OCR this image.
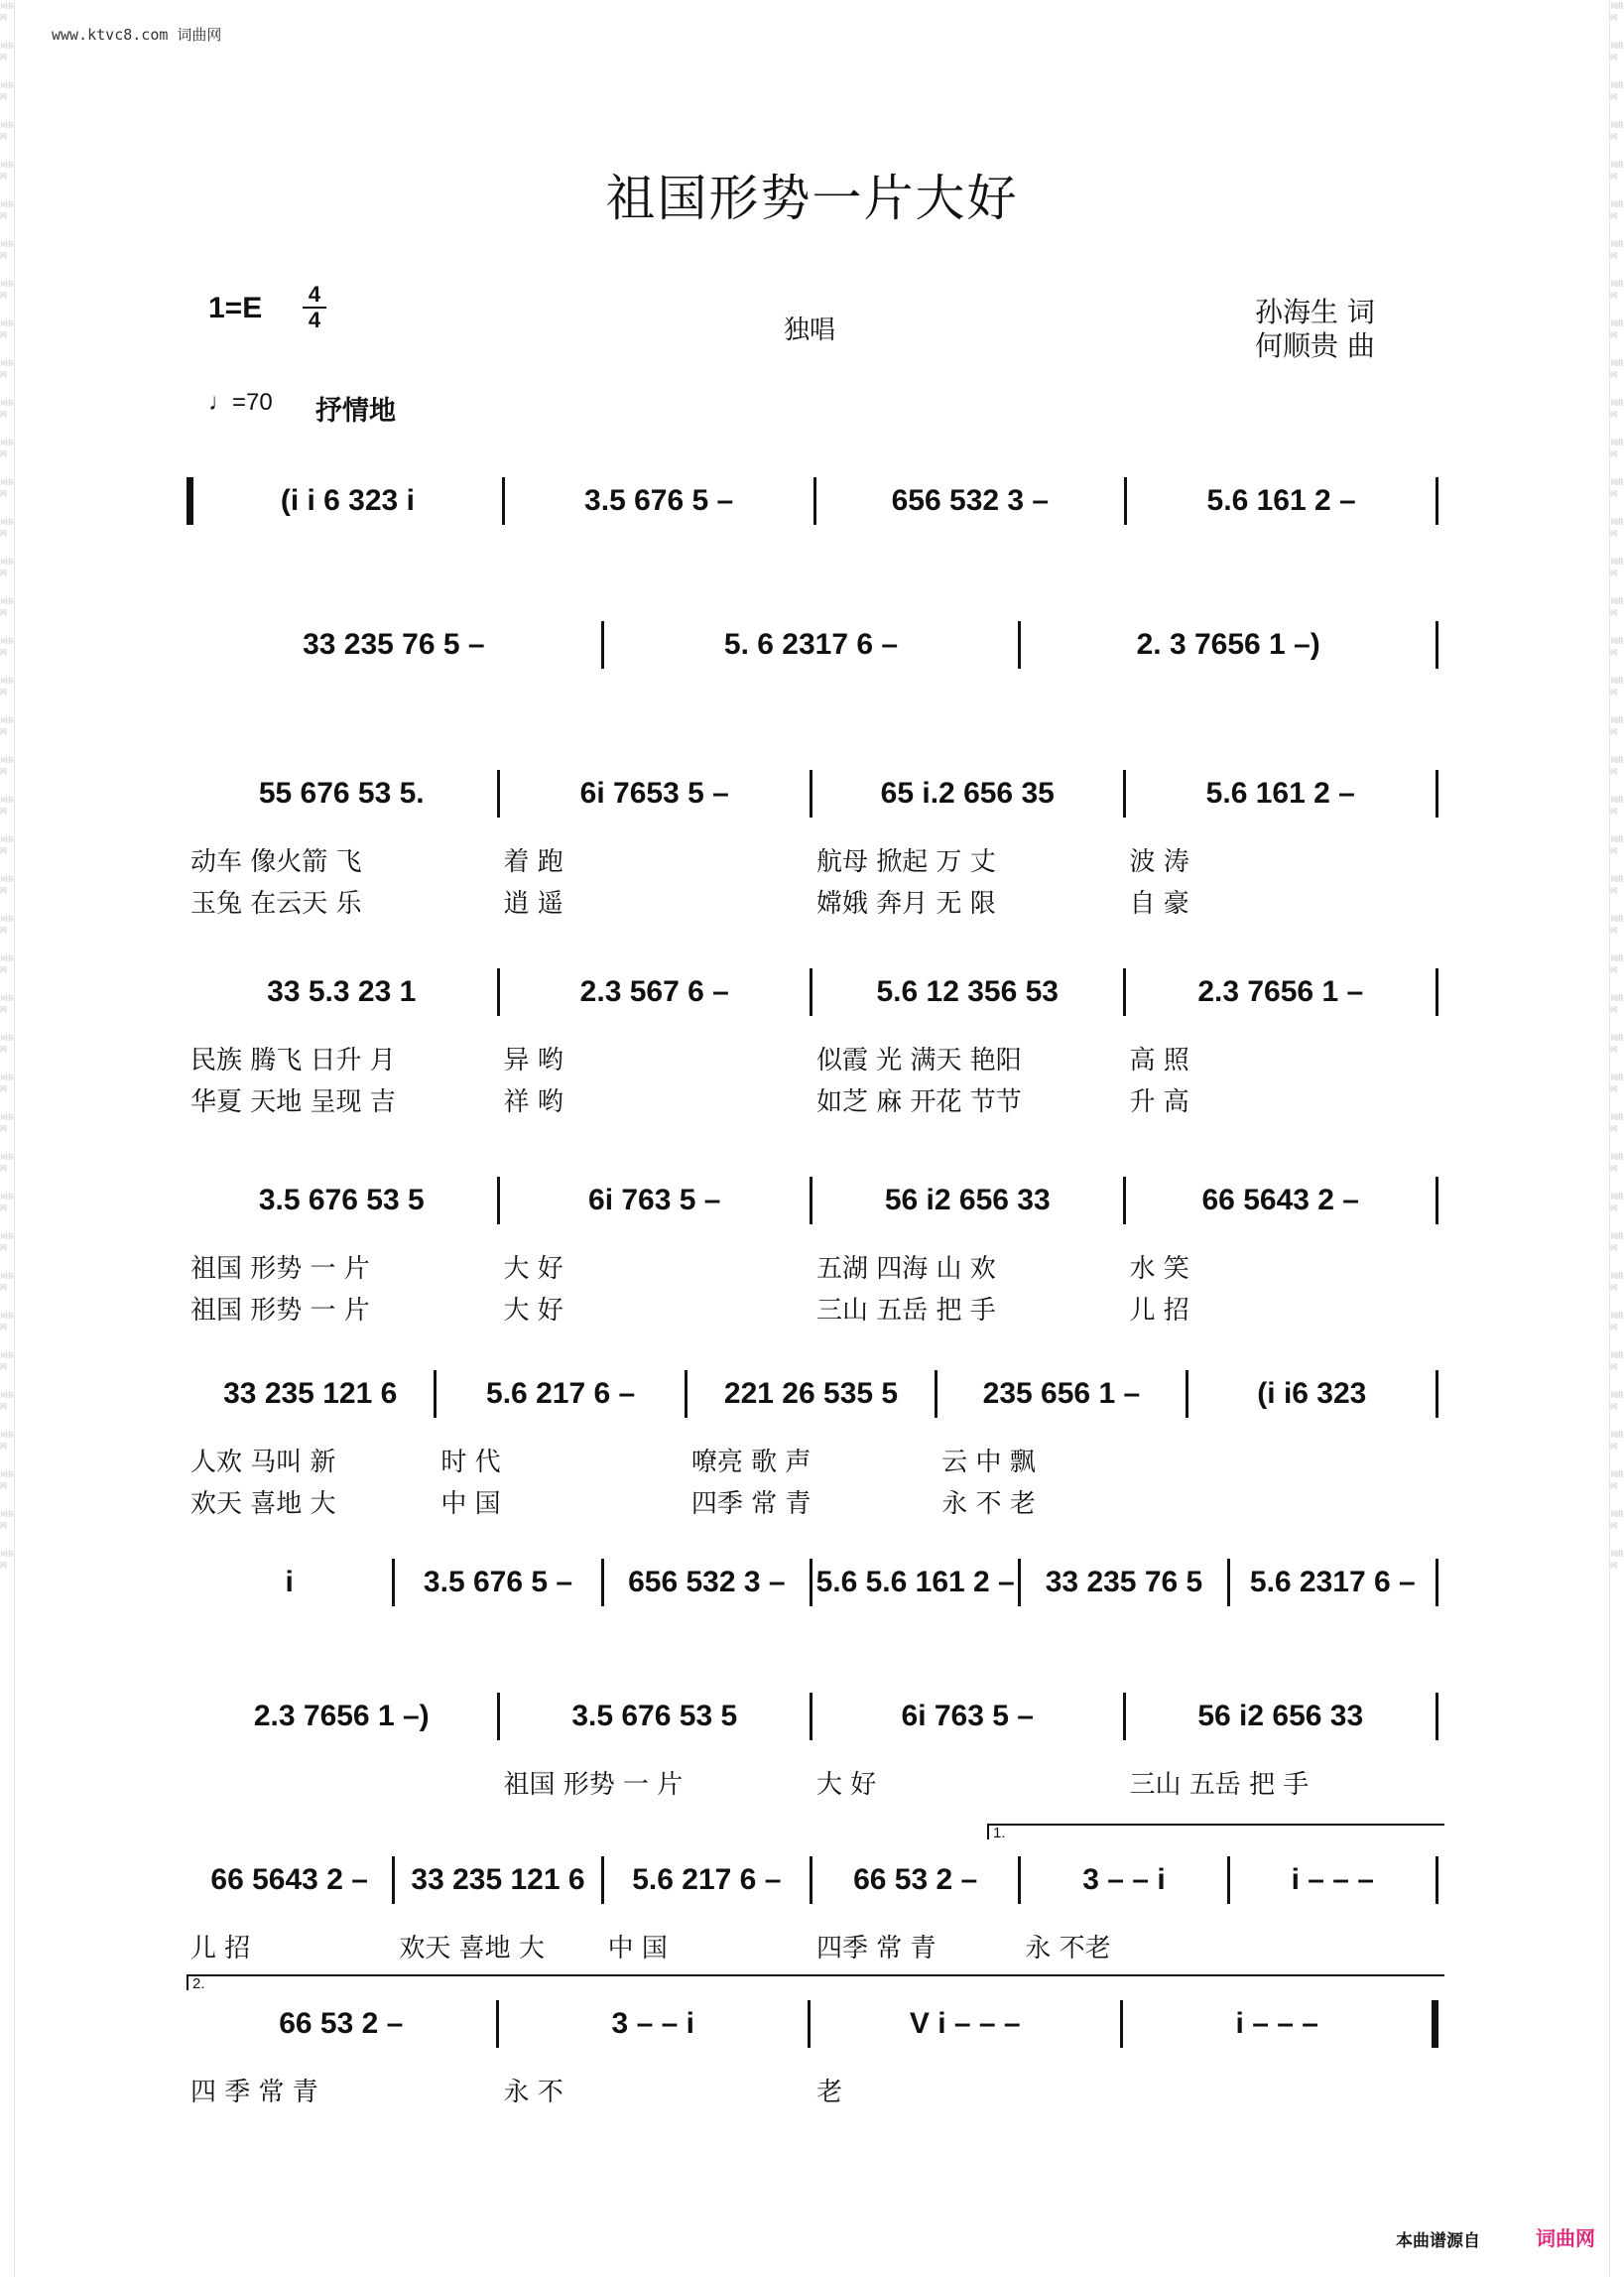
词曲网
词曲网
词曲网
词曲网
词曲网
词曲网
词曲网
词曲网
词曲网
词曲网
词曲网
词曲网
词曲网
词曲网
词曲网
词曲网
词曲网
词曲网
词曲网
词曲网
词曲网
词曲网
词曲网
词曲网
词曲网
词曲网
词曲网
词曲网
词曲网
词曲网
词曲网
词曲网
词曲网
词曲网
词曲网
词曲网
词曲网
词曲网
词曲网
词曲网
词曲网
词曲网
词曲网
词曲网
词曲网
词曲网
词曲网
词曲网
词曲网
词曲网
词曲网
词曲网
词曲网
词曲网
词曲网
词曲网
词曲网
词曲网
词曲网
词曲网
词曲网
词曲网
词曲网
词曲网
词曲网
词曲网
词曲网
词曲网
词曲网
词曲网
词曲网
词曲网
词曲网
词曲网
词曲网
词曲网
词曲网
词曲网
词曲网
词曲网
www.ktvc8.com 词曲网
祖国形势一片大好
1=E 4
4	独唱
孙海生 词
何顺贵 曲
♩=70 抒情地
(i i 6 323 i	3.5 676 5 –	656 532 3 –	5.6 161 2 –
33 235 76 5 –	5. 6 2317 6 –	2. 3 7656 1 –)
55 676 53 5.	6i 7653 5 –	65 i.2 656 35	5.6 161 2 –
动车 像火箭 飞	着 跑	航母 掀起 万 丈	波 涛
玉兔 在云天 乐	逍 遥	嫦娥 奔月 无 限	自 豪
33 5.3 23 1	2.3 567 6 –	5.6 12 356 53	2.3 7656 1 –
民族 腾飞 日升 月	异 哟	似霞 光 满天 艳阳	高 照
华夏 天地 呈现 吉	祥 哟	如芝 麻 开花 节节	升 高
3.5 676 53 5	6i 763 5 –	56 i2 656 33	66 5643 2 –
祖国 形势 一 片	大 好	五湖 四海 山 欢	水 笑
祖国 形势 一 片	大 好	三山 五岳 把 手	儿 招
33 235 121 6	5.6 217 6 –	221 26 535 5	235 656 1 –	(i i6 323
人欢 马叫 新	时 代	嘹亮 歌 声	云 中 飘
欢天 喜地 大	中 国	四季 常 青	永 不 老
i	3.5 676 5 –	656 532 3 –	5.6 5.6 161 2 –	33 235 76 5	5.6 2317 6 –
2.3 7656 1 –)	3.5 676 53 5	6i 763 5 –	56 i2 656 33
祖国 形势 一 片	大 好	三山 五岳 把 手
66 5643 2 –	33 235 121 6	5.6 217 6 –	66 53 2 –	3 – – i	i – – –
儿 招	欢天 喜地 大	中 国	四季 常 青	永 不老
66 53 2 –	3 – – i	V i – – –	i – – –
四 季 常 青	永 不	老
1.
2.
本曲谱源自	词曲网
